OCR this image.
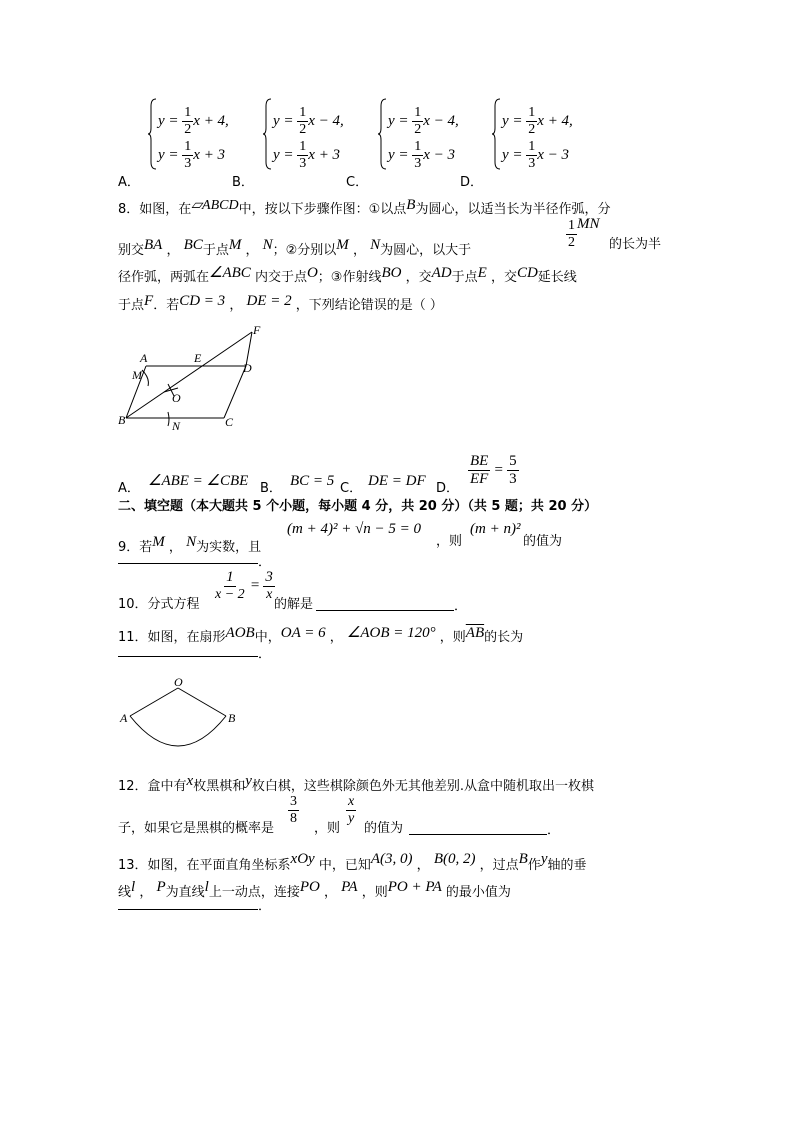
$y = \frac{1}{2}$ x + 4,
$y = \frac{1}{3}$ x + 3
A．
$y = \frac{1}{2}$ x − 4,
$y = \frac{1}{3}$ x + 3
B．
$y = \frac{1}{2}$ x − 4,
$y = \frac{1}{3}$ x − 3
C．
$y = \frac{1}{2}$ x + 4,
$y = \frac{1}{3}$ x − 3
D．
8．如图，在▱ABCD中，按以下步骤作图：①以点B为圆心，以适当长为半径作弧，分
别交BA ， BC于点M ， N；②分别以M ， N为圆心，以大于
$\frac{1}{2}$ MN
的长为半
径作弧，两弧在∠ABC 内交于点O；③作射线BO ，交AD于点E ，交CD延长线
于点F．若CD = 3 ， DE = 2 ，下列结论错误的是（ ）
F
A	E
D
M
O
B	N	C
A． ∠ABE = ∠CBE B． BC = 5 C． DE = DF D．
$\frac{BE}{EF} = \frac{5}{3}$
二、填空题（本大题共 5 个小题，每小题 4 分，共 20 分）（共 5 题；共 20 分）
9．若M ， N为实数，且
(m + 4)² + √n − 5 = 0
，则
(m + n)²
的值为
．
10．分式方程
$\frac{1}{x - 2} = \frac{3}{x}$
的解是	．
11．如图，在扇形AOB中，OA = 6 ， ∠AOB = 120° ，则$\overline{AB}$的长为
．
O
A	B
12．盒中有x枚黑棋和y枚白棋，这些棋除颜色外无其他差别.从盒中随机取出一枚棋
子，如果它是黑棋的概率是
$\frac{3}{8}$
，则
$\frac{x}{y}$
的值为	．
13．如图，在平面直角坐标系xOy 中，已知A(3, 0) ， B(0, 2) ，过点B作y轴的垂
线l ， P为直线l上一动点，连接PO ， PA ，则PO + PA 的最小值为
．
